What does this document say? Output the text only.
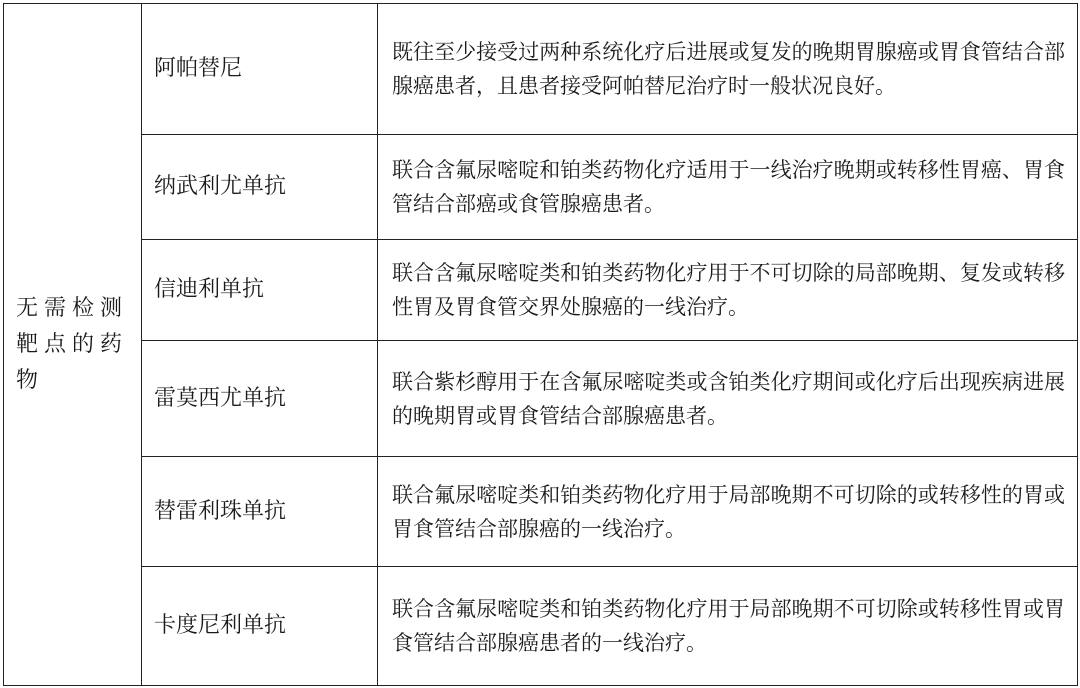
无需检测靶点的药物	阿帕替尼	既往至少接受过两种系统化疗后进展或复发的晚期胃腺癌或胃食管结合部腺癌患者，且患者接受阿帕替尼治疗时一般状况良好。
	纳武利尤单抗	联合含氟尿嘧啶和铂类药物化疗适用于一线治疗晚期或转移性胃癌、胃食管结合部癌或食管腺癌患者。
	信迪利单抗	联合含氟尿嘧啶类和铂类药物化疗用于不可切除的局部晚期、复发或转移性胃及胃食管交界处腺癌的一线治疗。
	雷莫西尤单抗	联合紫杉醇用于在含氟尿嘧啶类或含铂类化疗期间或化疗后出现疾病进展的晚期胃或胃食管结合部腺癌患者。
	替雷利珠单抗	联合氟尿嘧啶类和铂类药物化疗用于局部晚期不可切除的或转移性的胃或胃食管结合部腺癌的一线治疗。
	卡度尼利单抗	联合含氟尿嘧啶类和铂类药物化疗用于局部晚期不可切除或转移性胃或胃食管结合部腺癌患者的一线治疗。
